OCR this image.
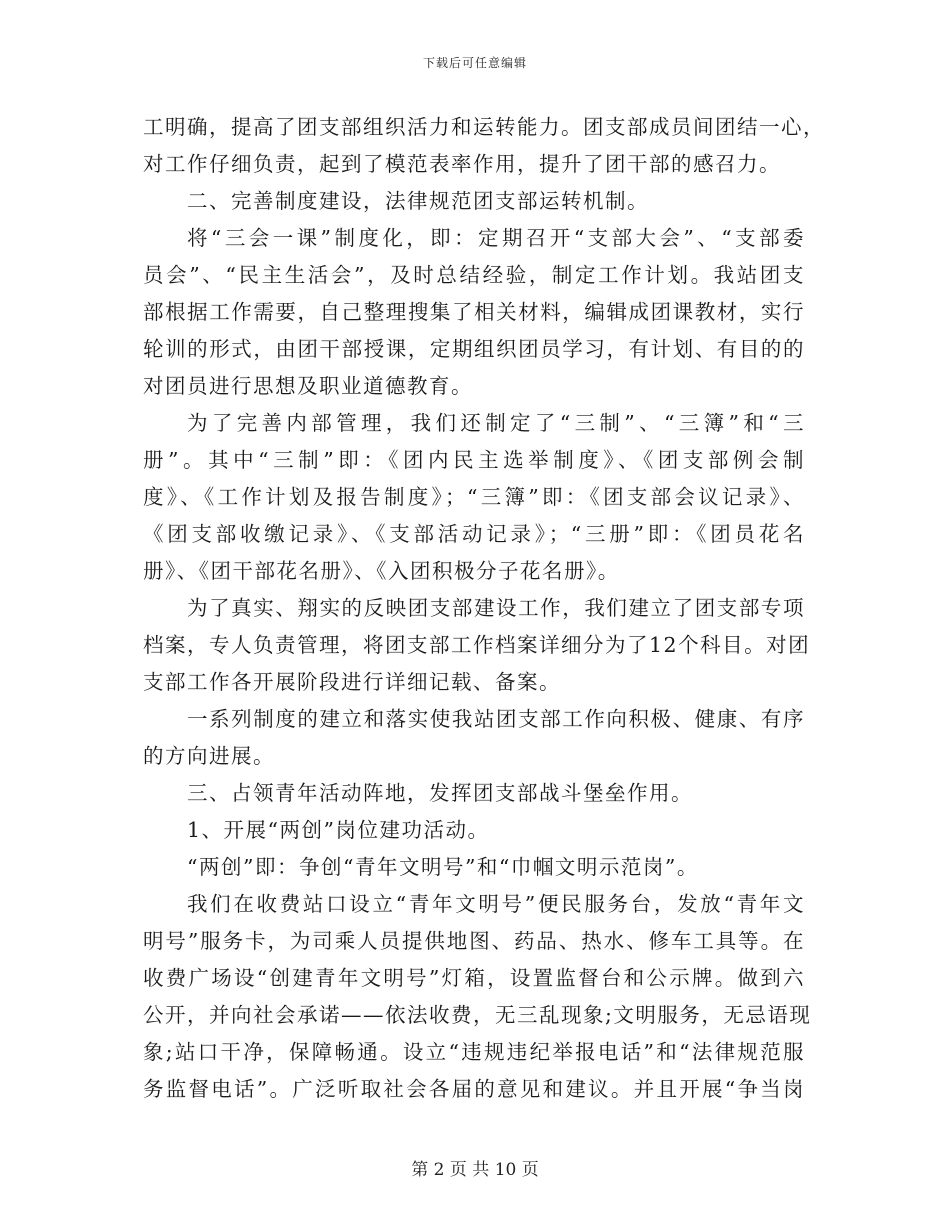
下载后可任意编辑
工明确，提高了团支部组织活力和运转能力。团支部成员间团结一心，
对工作仔细负责，起到了模范表率作用，提升了团干部的感召力。
二、完善制度建设，法律规范团支部运转机制。
将“三会一课”制度化，即：定期召开“支部大会”、“支部委
员会”、“民主生活会”，及时总结经验，制定工作计划。我站团支
部根据工作需要，自己整理搜集了相关材料，编辑成团课教材，实行
轮训的形式，由团干部授课，定期组织团员学习，有计划、有目的的
对团员进行思想及职业道德教育。
为了完善内部管理，我们还制定了“三制”、“三簿”和“三
册”。其中“三制”即：《团内民主选举制度》、《团支部例会制
度》、《工作计划及报告制度》；“三簿”即：《团支部会议记录》、
《团支部收缴记录》、《支部活动记录》；“三册”即：《团员花名
册》、《团干部花名册》、《入团积极分子花名册》。
为了真实、翔实的反映团支部建设工作，我们建立了团支部专项
档案，专人负责管理，将团支部工作档案详细分为了12个科目。对团
支部工作各开展阶段进行详细记载、备案。
一系列制度的建立和落实使我站团支部工作向积极、健康、有序
的方向进展。
三、占领青年活动阵地，发挥团支部战斗堡垒作用。
1、开展“两创”岗位建功活动。
“两创”即：争创“青年文明号”和“巾帼文明示范岗”。
我们在收费站口设立“青年文明号”便民服务台，发放“青年文
明号”服务卡，为司乘人员提供地图、药品、热水、修车工具等。在
收费广场设“创建青年文明号”灯箱，设置监督台和公示牌。做到六
公开，并向社会承诺——依法收费，无三乱现象;文明服务，无忌语现
象;站口干净，保障畅通。设立“违规违纪举报电话”和“法律规范服
务监督电话”。广泛听取社会各届的意见和建议。并且开展“争当岗
第 2 页 共 10 页
